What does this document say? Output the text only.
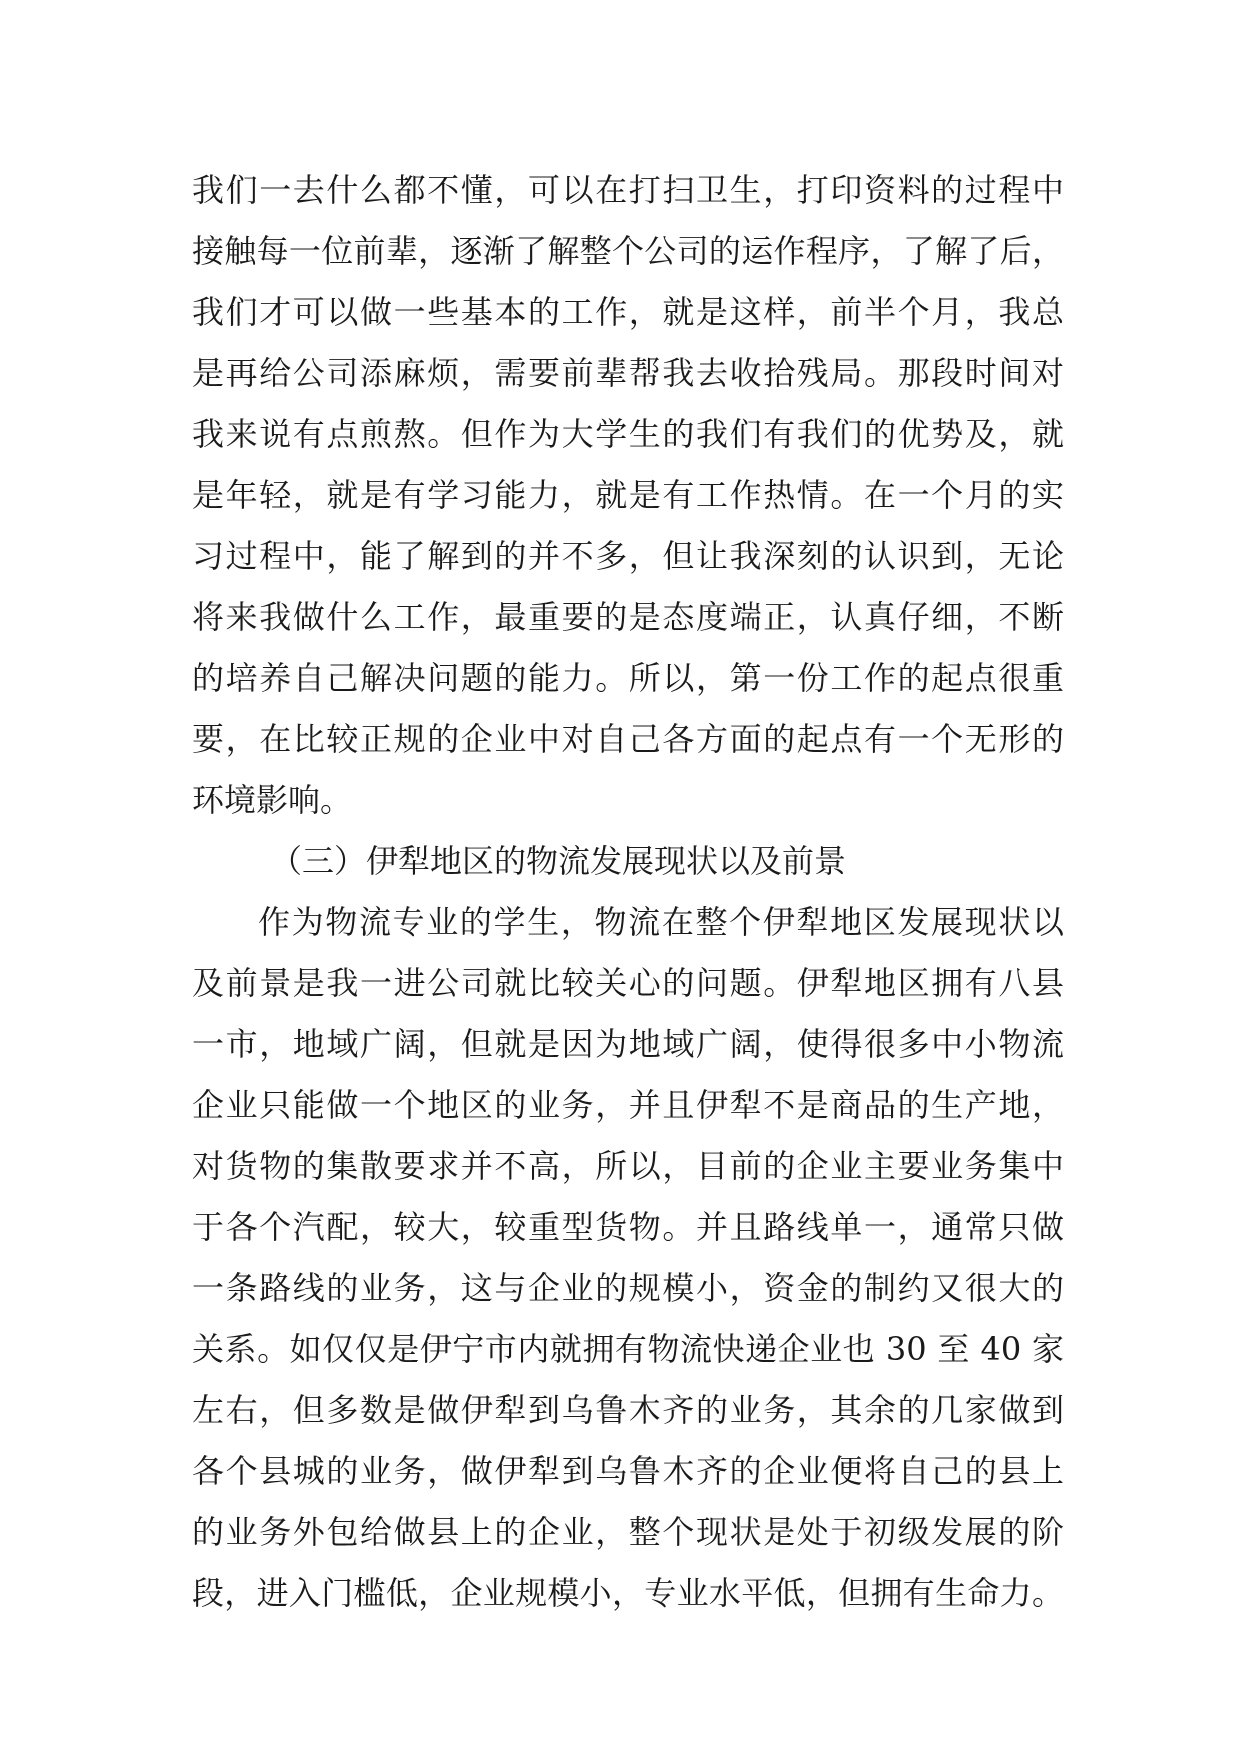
我们一去什么都不懂，可以在打扫卫生，打印资料的过程中
接触每一位前辈，逐渐了解整个公司的运作程序，了解了后，
我们才可以做一些基本的工作，就是这样，前半个月，我总
是再给公司添麻烦，需要前辈帮我去收拾残局。那段时间对
我来说有点煎熬。但作为大学生的我们有我们的优势及，就
是年轻，就是有学习能力，就是有工作热情。在一个月的实
习过程中，能了解到的并不多，但让我深刻的认识到，无论
将来我做什么工作，最重要的是态度端正，认真仔细，不断
的培养自己解决问题的能力。所以，第一份工作的起点很重
要，在比较正规的企业中对自己各方面的起点有一个无形的
环境影响。
（三）伊犁地区的物流发展现状以及前景
作为物流专业的学生，物流在整个伊犁地区发展现状以
及前景是我一进公司就比较关心的问题。伊犁地区拥有八县
一市，地域广阔，但就是因为地域广阔，使得很多中小物流
企业只能做一个地区的业务，并且伊犁不是商品的生产地，
对货物的集散要求并不高，所以，目前的企业主要业务集中
于各个汽配，较大，较重型货物。并且路线单一，通常只做
一条路线的业务，这与企业的规模小，资金的制约又很大的
关系。如仅仅是伊宁市内就拥有物流快递企业也 30 至 40 家
左右，但多数是做伊犁到乌鲁木齐的业务，其余的几家做到
各个县城的业务，做伊犁到乌鲁木齐的企业便将自己的县上
的业务外包给做县上的企业，整个现状是处于初级发展的阶
段，进入门槛低，企业规模小，专业水平低，但拥有生命力。
